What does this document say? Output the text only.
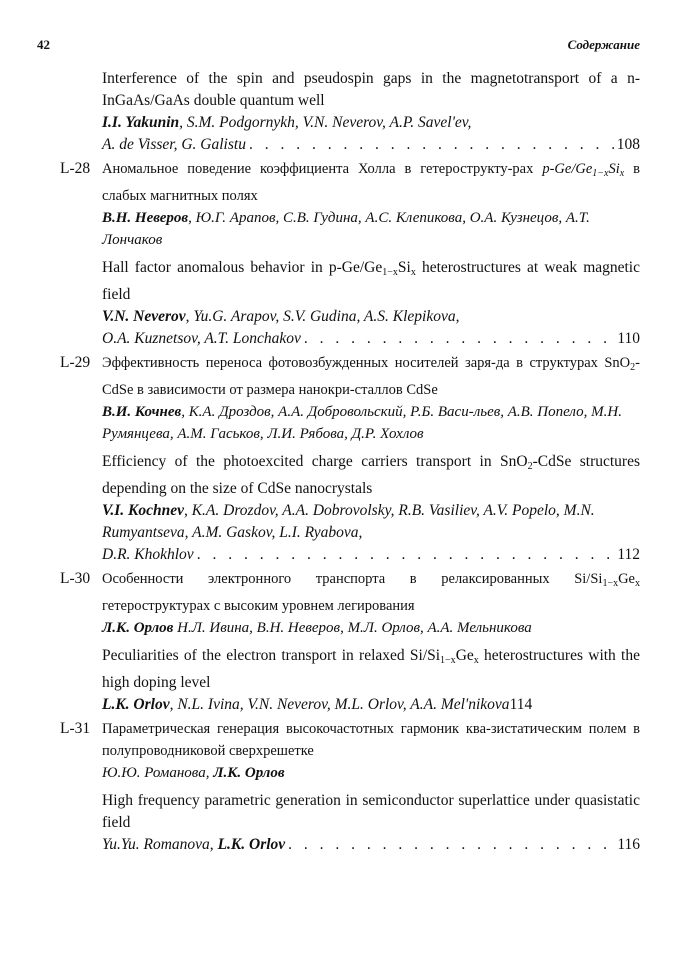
42	Содержание
Interference of the spin and pseudospin gaps in the magnetotransport of a n-InGaAs/GaAs double quantum well
I.I. Yakunin, S.M. Podgornykh, V.N. Neverov, A.P. Savel'ev,
A. de Visser, G. Galistu . . .	108
L-28 Аномальное поведение коэффициента Холла в гетерострукту-рах $p-Ge/Ge_{1-x}Si_x$ в слабых магнитных полях
В.Н. Неверов, Ю.Г. Арапов, С.В. Гудина, А.С. Клепикова, О.А. Кузнецов, А.Т. Лончаков
Hall factor anomalous behavior in $p-Ge/Ge_{1-x}Si_x$ heterostructures at weak magnetic field
V.N. Neverov, Yu.G. Arapov, S.V. Gudina, A.S. Klepikova,
O.A. Kuznetsov, A.T. Lonchakov . . .	110
L-29 Эффективность переноса фотовозбужденных носителей заря-да в структурах SnO$_2$-CdSe в зависимости от размера нанокри-сталлов CdSe
В.И. Кочнев, К.А. Дроздов, А.А. Добровольский, Р.Б. Васи-льев, А.В. Попело, М.Н. Румянцева, А.М. Гаськов, Л.И. Рябова, Д.Р. Хохлов
Efficiency of the photoexcited charge carriers transport in SnO$_2$-CdSe structures depending on the size of CdSe nanocrystals
V.I. Kochnev, K.A. Drozdov, A.A. Dobrovolsky, R.B. Vasiliev, A.V. Popelo, M.N. Rumyantseva, A.M. Gaskov, L.I. Ryabova,
D.R. Khokhlov . . .	112
L-30 Особенности электронного транспорта в релаксированных $Si/Si_{1-x}Ge_x$ гетероструктурах с высоким уровнем легирования
Л.К. Орлов Н.Л. Ивина, В.Н. Неверов, М.Л. Орлов, А.А. Мельникова
Peculiarities of the electron transport in relaxed $Si/Si_{1-x}Ge_x$ heterostructures with the high doping level
L.K. Orlov, N.L. Ivina, V.N. Neverov, M.L. Orlov, A.A. Mel'nikova 114
L-31 Параметрическая генерация высокочастотных гармоник ква-зистатическим полем в полупроводниковой сверхрешетке
Ю.Ю. Романова, Л.К. Орлов
High frequency parametric generation in semiconductor superlattice under quasistatic field
Yu.Yu. Romanova, L.K. Orlov . . .	116
